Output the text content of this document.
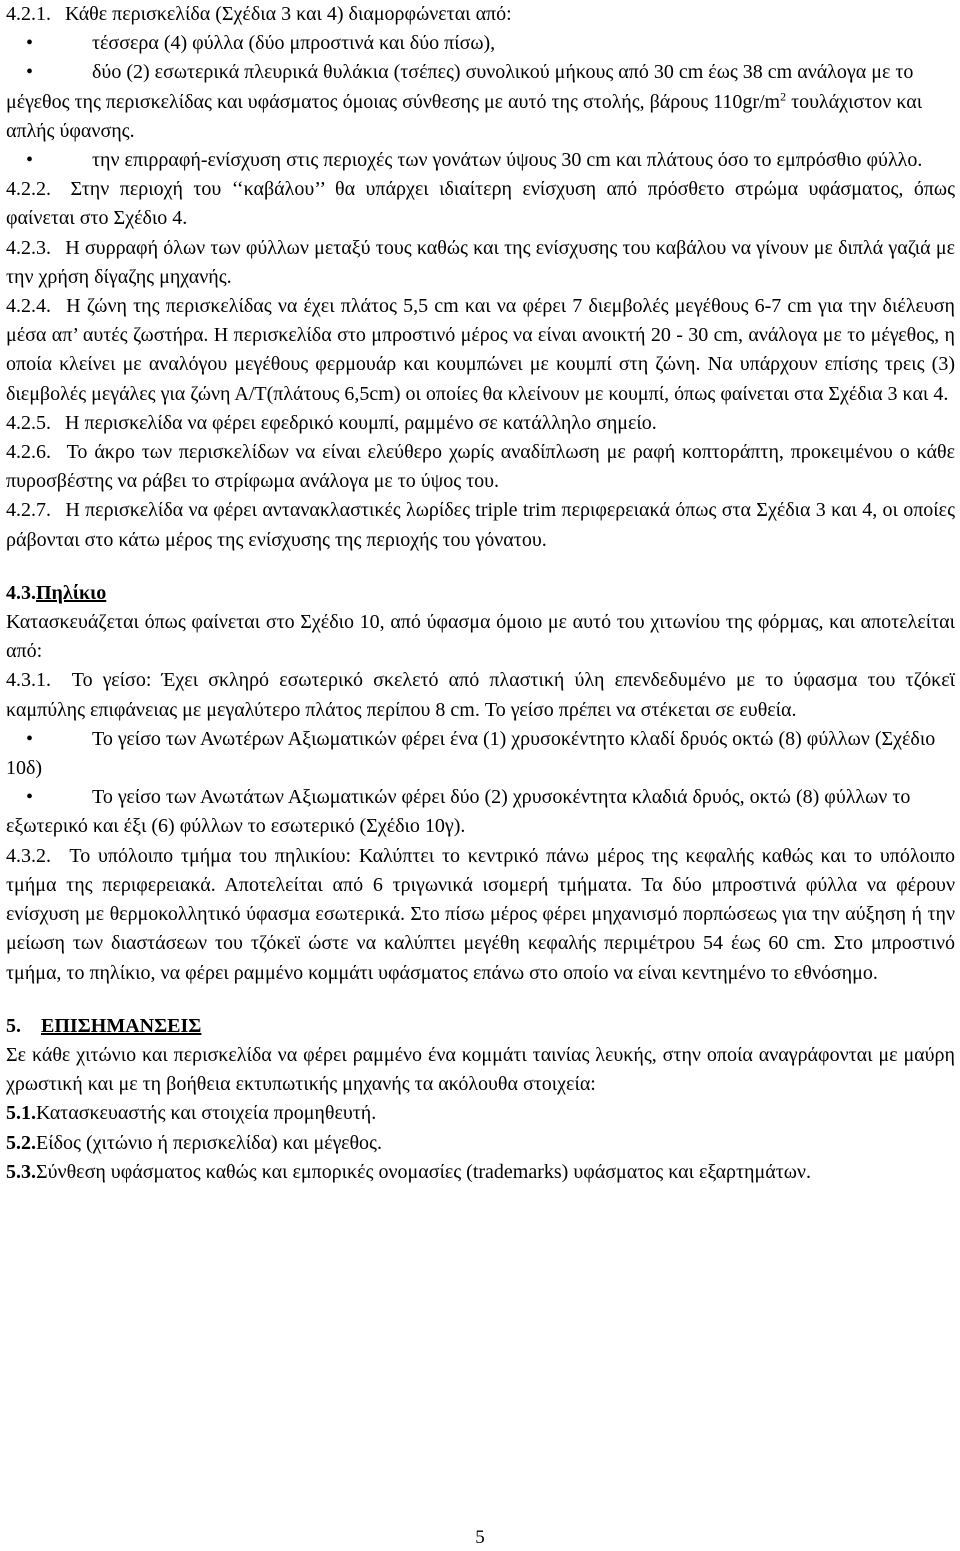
4.2.1. Κάθε περισκελίδα (Σχέδια 3 και 4) διαμορφώνεται από:

•	τέσσερα (4) φύλλα (δύο μπροστινά και δύο πίσω),

•	δύο (2) εσωτερικά πλευρικά θυλάκια (τσέπες) συνολικού μήκους από 30 cm έως 38 cm ανάλογα με το μέγεθος της περισκελίδας και υφάσματος όμοιας σύνθεσης με αυτό της στολής, βάρους $110gr/m^2$ τουλάχιστον και απλής ύφανσης.

•	την επιρραφή-ενίσχυση στις περιοχές των γονάτων ύψους 30 cm και πλάτους όσο το εμπρόσθιο φύλλο.

4.2.2. Στην περιοχή του ‘‘καβάλου’’ θα υπάρχει ιδιαίτερη ενίσχυση από πρόσθετο στρώμα υφάσματος, όπως φαίνεται στο Σχέδιο 4.

4.2.3. Η συρραφή όλων των φύλλων μεταξύ τους καθώς και της ενίσχυσης του καβάλου να γίνουν με διπλά γαζιά με την χρήση δίγαζης μηχανής.

4.2.4. Η ζώνη της περισκελίδας να έχει πλάτος 5,5 cm και να φέρει 7 διεμβολές μεγέθους 6-7 cm για την διέλευση μέσα απ’ αυτές ζωστήρα. Η περισκελίδα στο μπροστινό μέρος να είναι ανοικτή 20 - 30 cm, ανάλογα με το μέγεθος, η οποία κλείνει με αναλόγου μεγέθους φερμουάρ και κουμπώνει με κουμπί στη ζώνη. Να υπάρχουν επίσης τρεις (3) διεμβολές μεγάλες για ζώνη Α/Τ(πλάτους 6,5cm) οι οποίες θα κλείνουν με κουμπί, όπως φαίνεται στα Σχέδια 3 και 4.

4.2.5. Η περισκελίδα να φέρει εφεδρικό κουμπί, ραμμένο σε κατάλληλο σημείο.

4.2.6. Το άκρο των περισκελίδων να είναι ελεύθερο χωρίς αναδίπλωση με ραφή κοπτοράπτη, προκειμένου ο κάθε πυροσβέστης να ράβει το στρίφωμα ανάλογα με το ύψος του.

4.2.7. Η περισκελίδα να φέρει αντανακλαστικές λωρίδες triple trim περιφερειακά όπως στα Σχέδια 3 και 4, οι οποίες ράβονται στο κάτω μέρος της ενίσχυσης της περιοχής του γόνατου.

4.3.Πηλίκιο

Κατασκευάζεται όπως φαίνεται στο Σχέδιο 10, από ύφασμα όμοιο με αυτό του χιτωνίου της φόρμας, και αποτελείται από:

4.3.1. Το γείσο: Έχει σκληρό εσωτερικό σκελετό από πλαστική ύλη επενδεδυμένο με το ύφασμα του τζόκεϊ καμπύλης επιφάνειας με μεγαλύτερο πλάτος περίπου 8 cm. Το γείσο πρέπει να στέκεται σε ευθεία.

•	Το γείσο των Ανωτέρων Αξιωματικών φέρει ένα (1) χρυσοκέντητο κλαδί δρυός οκτώ (8) φύλλων (Σχέδιο 10δ)

•	Το γείσο των Ανωτάτων Αξιωματικών φέρει δύο (2) χρυσοκέντητα κλαδιά δρυός, οκτώ (8) φύλλων το εξωτερικό και έξι (6) φύλλων το εσωτερικό (Σχέδιο 10γ).

4.3.2. Το υπόλοιπο τμήμα του πηλικίου: Καλύπτει το κεντρικό πάνω μέρος της κεφαλής καθώς και το υπόλοιπο τμήμα της περιφερειακά. Αποτελείται από 6 τριγωνικά ισομερή τμήματα. Τα δύο μπροστινά φύλλα να φέρουν ενίσχυση με θερμοκολλητικό ύφασμα εσωτερικά. Στο πίσω μέρος φέρει μηχανισμό πορπώσεως για την αύξηση ή την μείωση των διαστάσεων του τζόκεϊ ώστε να καλύπτει μεγέθη κεφαλής περιμέτρου 54 έως 60 cm. Στο μπροστινό τμήμα, το πηλίκιο, να φέρει ραμμένο κομμάτι υφάσματος επάνω στο οποίο να είναι κεντημένο το εθνόσημο.

5. ΕΠΙΣΗΜΑΝΣΕΙΣ

Σε κάθε χιτώνιο και περισκελίδα να φέρει ραμμένο ένα κομμάτι ταινίας λευκής, στην οποία αναγράφονται με μαύρη χρωστική και με τη βοήθεια εκτυπωτικής μηχανής τα ακόλουθα στοιχεία:

5.1.Κατασκευαστής και στοιχεία προμηθευτή.

5.2.Είδος (χιτώνιο ή περισκελίδα) και μέγεθος.

5.3.Σύνθεση υφάσματος καθώς και εμπορικές ονομασίες (trademarks) υφάσματος και εξαρτημάτων.

5
